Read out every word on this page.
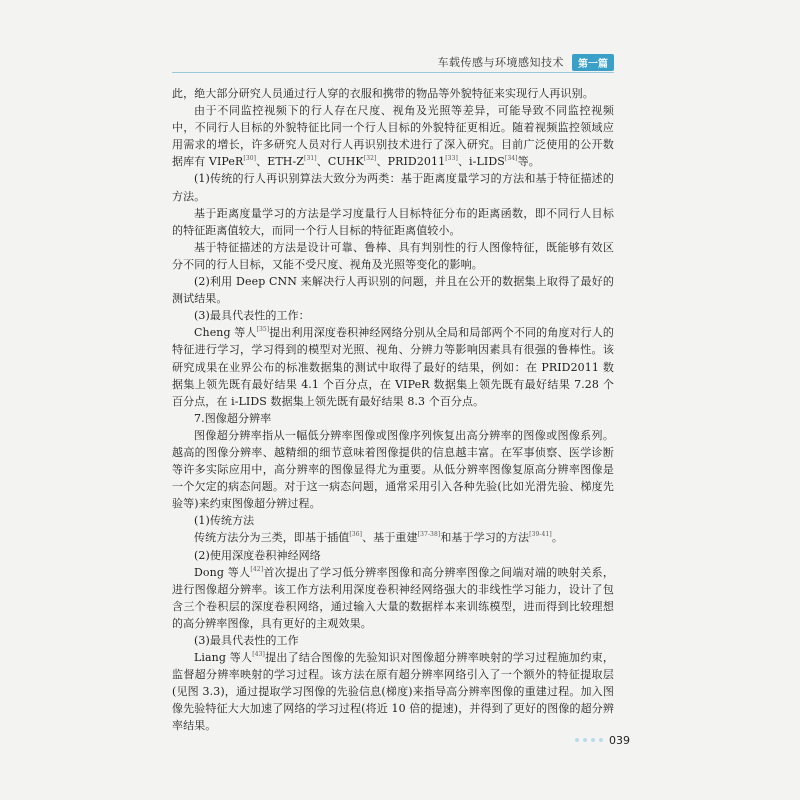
车载传感与环境感知技术	第一篇

此，绝大部分研究人员通过行人穿的衣服和携带的物品等外貌特征来实现行人再识别。

由于不同监控视频下的行人存在尺度、视角及光照等差异，可能导致不同监控视频中，不同行人目标的外貌特征比同一个行人目标的外貌特征更相近。随着视频监控领域应用需求的增长，许多研究人员对行人再识别技术进行了深入研究。目前广泛使用的公开数据库有 VIPeR[30]、ETH-Z[31]、CUHK[32]、PRID2011[33]、i-LIDS[34]等。

(1)传统的行人再识别算法大致分为两类：基于距离度量学习的方法和基于特征描述的方法。

基于距离度量学习的方法是学习度量行人目标特征分布的距离函数，即不同行人目标的特征距离值较大，而同一个行人目标的特征距离值较小。

基于特征描述的方法是设计可靠、鲁棒、具有判别性的行人图像特征，既能够有效区分不同的行人目标，又能不受尺度、视角及光照等变化的影响。

(2)利用 Deep CNN 来解决行人再识别的问题，并且在公开的数据集上取得了最好的测试结果。

(3)最具代表性的工作：

Cheng 等人[35]提出利用深度卷积神经网络分别从全局和局部两个不同的角度对行人的特征进行学习，学习得到的模型对光照、视角、分辨力等影响因素具有很强的鲁棒性。该研究成果在业界公布的标准数据集的测试中取得了最好的结果，例如：在 PRID2011 数据集上领先既有最好结果 4.1 个百分点，在 VIPeR 数据集上领先既有最好结果 7.28 个百分点，在 i-LIDS 数据集上领先既有最好结果 8.3 个百分点。

7.图像超分辨率

图像超分辨率指从一幅低分辨率图像或图像序列恢复出高分辨率的图像或图像系列。越高的图像分辨率、越精细的细节意味着图像提供的信息越丰富。在军事侦察、医学诊断等许多实际应用中，高分辨率的图像显得尤为重要。从低分辨率图像复原高分辨率图像是一个欠定的病态问题。对于这一病态问题，通常采用引入各种先验(比如光滑先验、梯度先验等)来约束图像超分辨过程。

(1)传统方法

传统方法分为三类，即基于插值[36]、基于重建[37-38]和基于学习的方法[39-41]。

(2)使用深度卷积神经网络

Dong 等人[42]首次提出了学习低分辨率图像和高分辨率图像之间端对端的映射关系，进行图像超分辨率。该工作方法利用深度卷积神经网络强大的非线性学习能力，设计了包含三个卷积层的深度卷积网络，通过输入大量的数据样本来训练模型，进而得到比较理想的高分辨率图像，具有更好的主观效果。

(3)最具代表性的工作

Liang 等人[43]提出了结合图像的先验知识对图像超分辨率映射的学习过程施加约束，监督超分辨率映射的学习过程。该方法在原有超分辨率网络引入了一个额外的特征提取层(见图 3.3)，通过提取学习图像的先验信息(梯度)来指导高分辨率图像的重建过程。加入图像先验特征大大加速了网络的学习过程(将近 10 倍的提速)，并得到了更好的图像的超分辨率结果。

039
